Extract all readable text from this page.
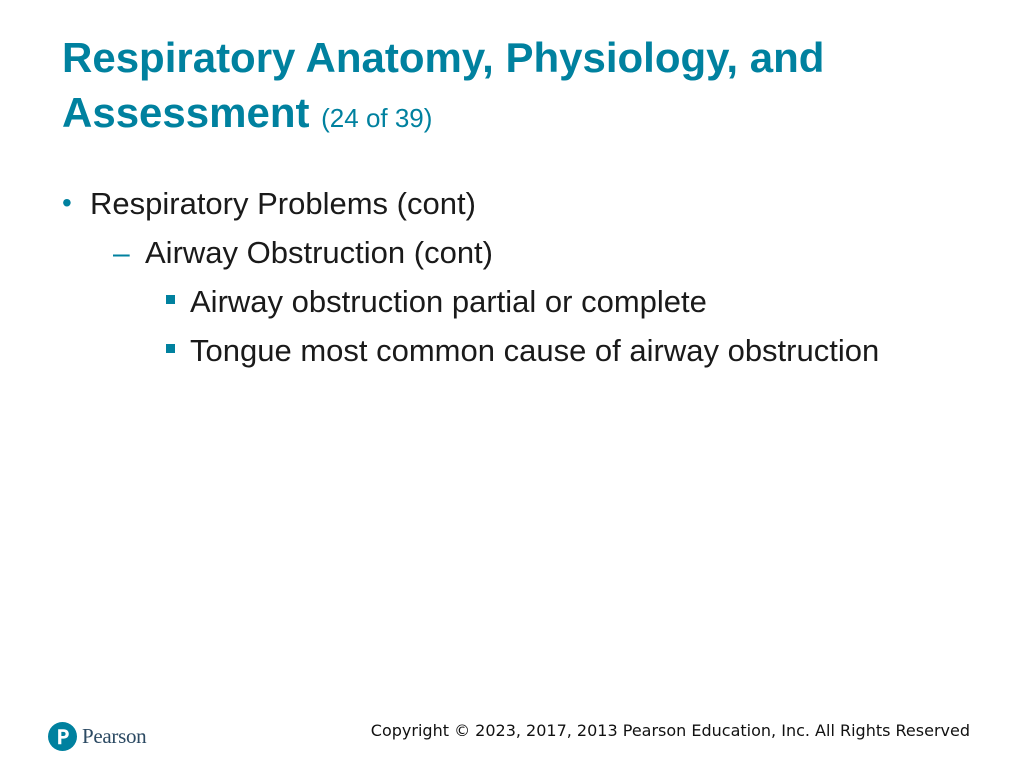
Respiratory Anatomy, Physiology, and Assessment (24 of 39)
• Respiratory Problems (cont)
– Airway Obstruction (cont)
Airway obstruction partial or complete
Tongue most common cause of airway obstruction
Pearson	Copyright © 2023, 2017, 2013 Pearson Education, Inc. All Rights Reserved
